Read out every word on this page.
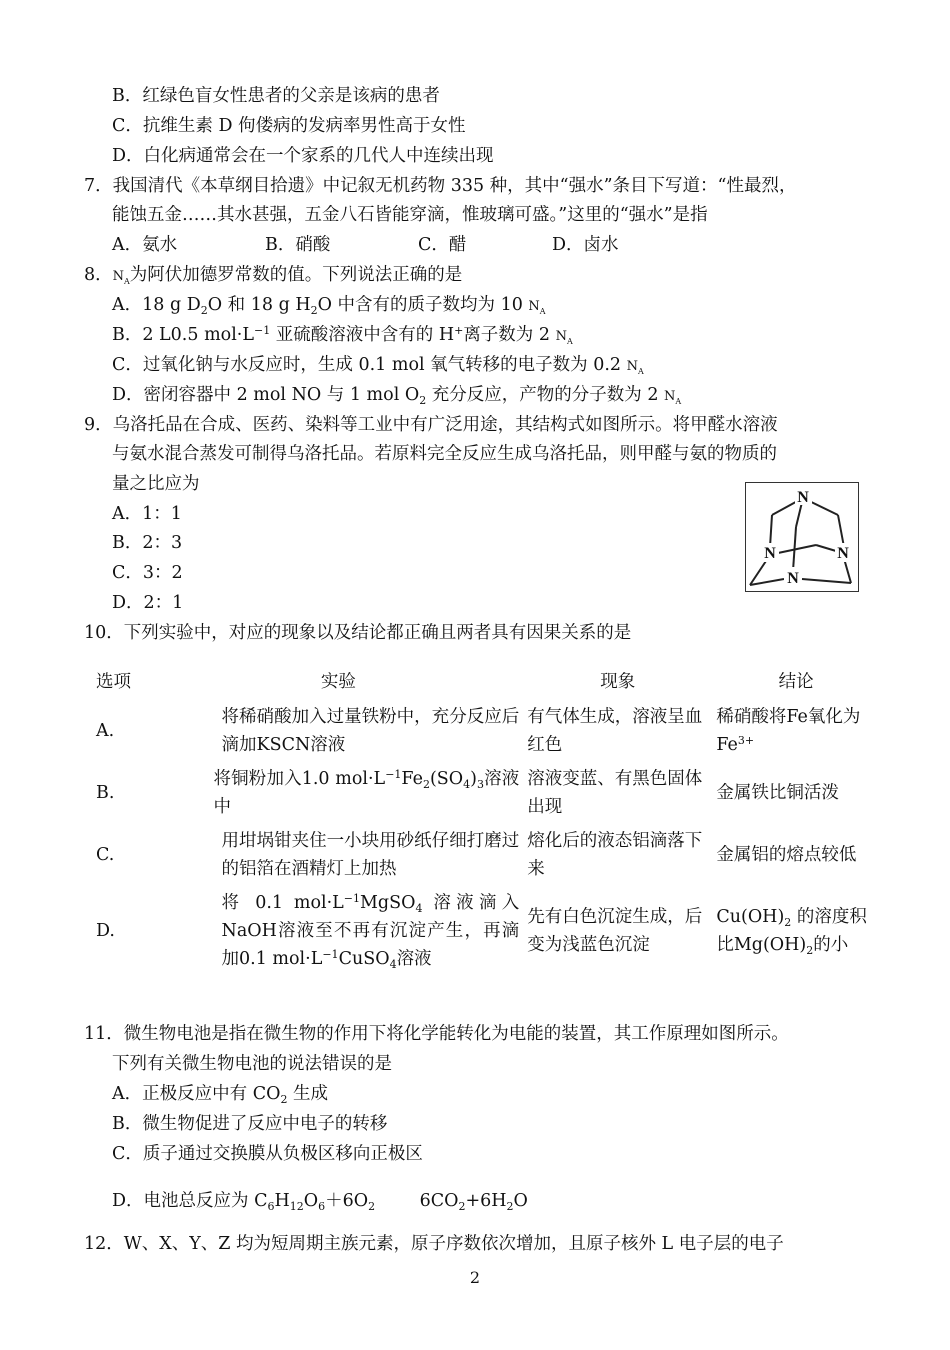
B．红绿色盲女性患者的父亲是该病的患者
C．抗维生素 D 佝偻病的发病率男性高于女性
D．白化病通常会在一个家系的几代人中连续出现
7．我国清代《本草纲目拾遗》中记叙无机药物 335 种，其中“强水”条目下写道：“性最烈，
能蚀五金……其水甚强，五金八石皆能穿滴，惟玻璃可盛。”这里的“强水”是指
A．氨水	B．硝酸	C．醋	D．卤水
8．$N_A$为阿伏加德罗常数的值。下列说法正确的是
A．18 g $D_2O$ 和 18 g $H_2O$ 中含有的质子数均为 10 $N_A$
B．2 L0.5 $mol\cdot L^{-1}$ 亚硫酸溶液中含有的 H+离子数为 2 $N_A$
C．过氧化钠与水反应时，生成 0.1 mol 氧气转移的电子数为 0.2 $N_A$
D．密闭容器中 2 mol NO 与 1 mol $O_2$ 充分反应，产物的分子数为 2 $N_A$
9．乌洛托品在合成、医药、染料等工业中有广泛用途，其结构式如图所示。将甲醛水溶液
与氨水混合蒸发可制得乌洛托品。若原料完全反应生成乌洛托品，则甲醛与氨的物质的
量之比应为
A．1：1
B．2：3
C．3：2
D．2：1
N
N	N
N
10．下列实验中，对应的现象以及结论都正确且两者具有因果关系的是
选项	实验	现象	结论
A.	将稀硝酸加入过量铁粉中，充分反应后滴加KSCN溶液	有气体生成，溶液呈血红色	稀硝酸将Fe氧化为$Fe^{3+}$
B.	将铜粉加入1.0 $mol\cdot L^{-1}Fe_2(SO_4)_3$溶液中	溶液变蓝、有黑色固体出现	金属铁比铜活泼
C.	用坩埚钳夹住一小块用砂纸仔细打磨过的铝箔在酒精灯上加热	熔化后的液态铝滴落下来	金属铝的熔点较低
D.	将 0.1 $mol\cdot L^{-1}MgSO_4$ 溶液滴入NaOH溶液至不再有沉淀产生，再滴加0.1 $mol\cdot L^{-1}CuSO_4$溶液	先有白色沉淀生成，后变为浅蓝色沉淀	$Cu(OH)_2$ 的溶度积比$Mg(OH)_2$的小
11．微生物电池是指在微生物的作用下将化学能转化为电能的装置，其工作原理如图所示。
下列有关微生物电池的说法错误的是
A．正极反应中有 $CO_2$ 生成
B．微生物促进了反应中电子的转移
C．质子通过交换膜从负极区移向正极区
D．电池总反应为 $C_6H_{12}O_6+6O_2$        $6CO_2+6H_2O$
12．W、X、Y、Z 均为短周期主族元素，原子序数依次增加，且原子核外 L 电子层的电子
2
